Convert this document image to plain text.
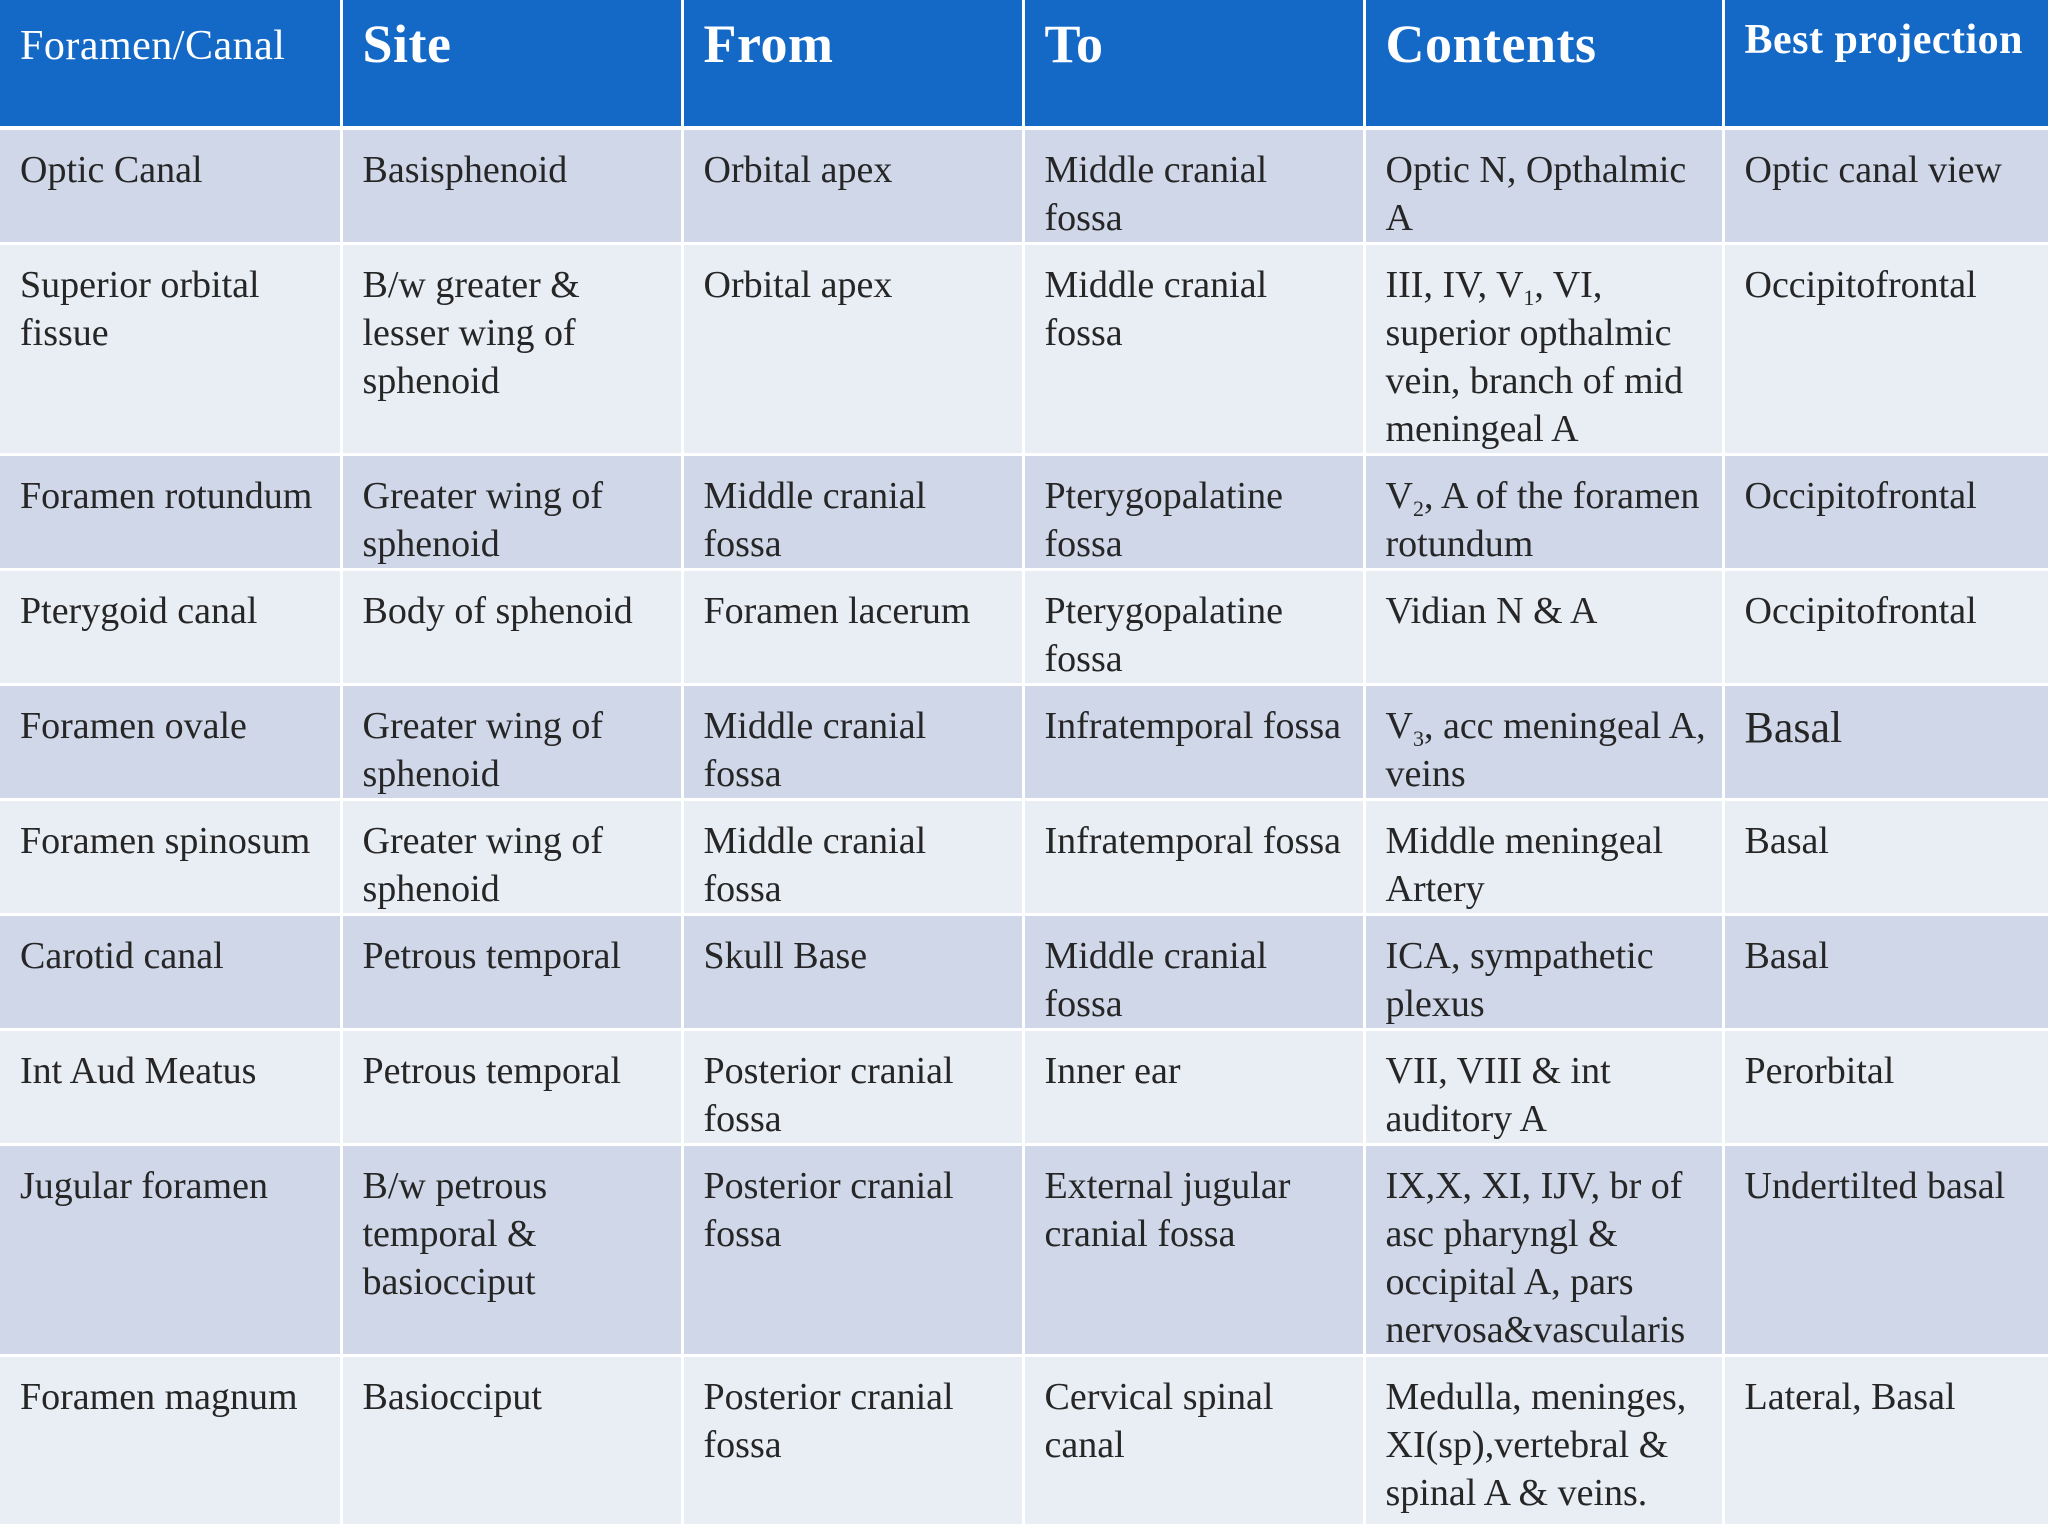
Foramen/Canal	Site	From	To	Contents	Best projection
Optic Canal	Basisphenoid	Orbital apex	Middle cranial fossa	Optic N, Opthalmic A	Optic canal view
Superior orbital fissue	B/w greater & lesser wing of sphenoid	Orbital apex	Middle cranial fossa	III, IV, $V_1$, VI, superior opthalmic vein, branch of mid meningeal A	Occipitofrontal
Foramen rotundum	Greater wing of sphenoid	Middle cranial fossa	Pterygopalatine fossa	$V_2$, A of the foramen rotundum	Occipitofrontal
Pterygoid canal	Body of sphenoid	Foramen lacerum	Pterygopalatine fossa	Vidian N & A	Occipitofrontal
Foramen ovale	Greater wing of sphenoid	Middle cranial fossa	Infratemporal fossa	$V_3$, acc meningeal A, veins	Basal
Foramen spinosum	Greater wing of sphenoid	Middle cranial fossa	Infratemporal fossa	Middle meningeal Artery	Basal
Carotid canal	Petrous temporal	Skull Base	Middle cranial fossa	ICA, sympathetic plexus	Basal
Int Aud Meatus	Petrous temporal	Posterior cranial fossa	Inner ear	VII, VIII & int auditory A	Perorbital
Jugular foramen	B/w petrous temporal & basiocciput	Posterior cranial fossa	External jugular cranial fossa	IX,X, XI, IJV, br of asc pharyngl & occipital A, pars nervosa&vascularis	Undertilted basal
Foramen magnum	Basiocciput	Posterior cranial fossa	Cervical spinal canal	Medulla, meninges, XI(sp),vertebral & spinal A & veins.	Lateral, Basal
